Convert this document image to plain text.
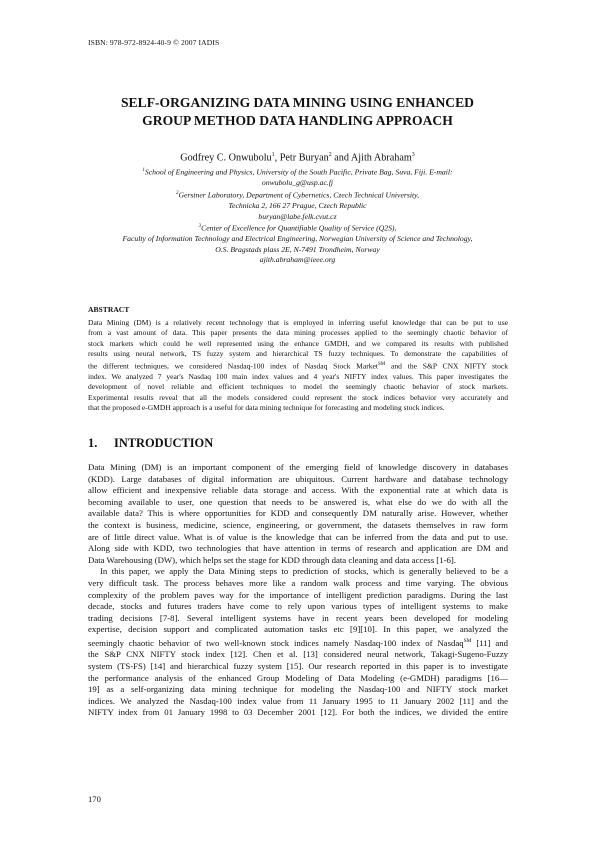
ISBN: 978-972-8924-40-9 © 2007 IADIS
SELF-ORGANIZING DATA MINING USING ENHANCED
GROUP METHOD DATA HANDLING APPROACH
Godfrey C. Onwubolu$^1$, Petr Buryan$^2$ and Ajith Abraham$^3$
$^1$School of Engineering and Physics, University of the South Pacific, Private Bag, Suva, Fiji. E-mail:
onwubolu_g@usp.ac.fj
$^2$Gerstner Laboratory, Department of Cybernetics, Czech Technical University,
Technicka 2, 166 27 Prague, Czech Republic
buryan@labe.felk.cvut.cz
$^3$Center of Excellence for Quantifiable Quality of Service (Q2S),
Faculty of Information Technology and Electrical Engineering, Norwegian University of Science and Technology,
O.S. Bragstads plass 2E, N-7491 Trondheim, Norway
ajith.abraham@ieee.org
ABSTRACT
Data Mining (DM) is a relatively recent technology that is employed in inferring useful knowledge that can be put to use
from a vast amount of data. This paper presents the data mining processes applied to the seemingly chaotic behavior of
stock markets which could be well represented using the enhance GMDH, and we compared its results with published
results using neural network, TS fuzzy system and hierarchical TS fuzzy techniques. To demonstrate the capabilities of
the different techniques, we considered Nasdaq-100 index of Nasdaq Stock Market℠ and the S&P CNX NIFTY stock
index. We analyzed 7 year's Nasdaq 100 main index values and 4 year's NIFTY index values. This paper investigates the
development of novel reliable and efficient techniques to model the seemingly chaotic behavior of stock markets.
Experimental results reveal that all the models considered could represent the stock indices behavior very accurately and
that the proposed e-GMDH approach is a useful for data mining technique for forecasting and modeling stock indices.
1. INTRODUCTION
Data Mining (DM) is an important component of the emerging field of knowledge discovery in databases
(KDD). Large databases of digital information are ubiquitous. Current hardware and database technology
allow efficient and inexpensive reliable data storage and access. With the exponential rate at which data is
becoming available to user, one question that needs to be answered is, what else do we do with all the
available data? This is where opportunities for KDD and consequently DM naturally arise. However, whether
the context is business, medicine, science, engineering, or government, the datasets themselves in raw form
are of little direct value. What is of value is the knowledge that can be inferred from the data and put to use.
Along side with KDD, two technologies that have attention in terms of research and application are DM and
Data Warehousing (DW), which helps set the stage for KDD through data cleaning and data access [1-6].
In this paper, we apply the Data Mining steps to prediction of stocks, which is generally believed to be a
very difficult task. The process behaves more like a random walk process and time varying. The obvious
complexity of the problem paves way for the importance of intelligent prediction paradigms. During the last
decade, stocks and futures traders have come to rely upon various types of intelligent systems to make
trading decisions [7-8]. Several intelligent systems have in recent years been developed for modeling
expertise, decision support and complicated automation tasks etc [9][10]. In this paper, we analyzed the
seemingly chaotic behavior of two well-known stock indices namely Nasdaq-100 index of Nasdaq℠ [11] and
the S&P CNX NIFTY stock index [12]. Chen et al. [13] considered neural network, Takagi-Sugeno-Fuzzy
system (TS-FS) [14] and hierarchical fuzzy system [15]. Our research reported in this paper is to investigate
the performance analysis of the enhanced Group Modeling of Data Modeling (e-GMDH) paradigms [16—
19] as a self-organizing data mining technique for modeling the Nasdaq-100 and NIFTY stock market
indices. We analyzed the Nasdaq-100 index value from 11 January 1995 to 11 January 2002 [11] and the
NIFTY index from 01 January 1998 to 03 December 2001 [12]. For both the indices, we divided the entire
170
